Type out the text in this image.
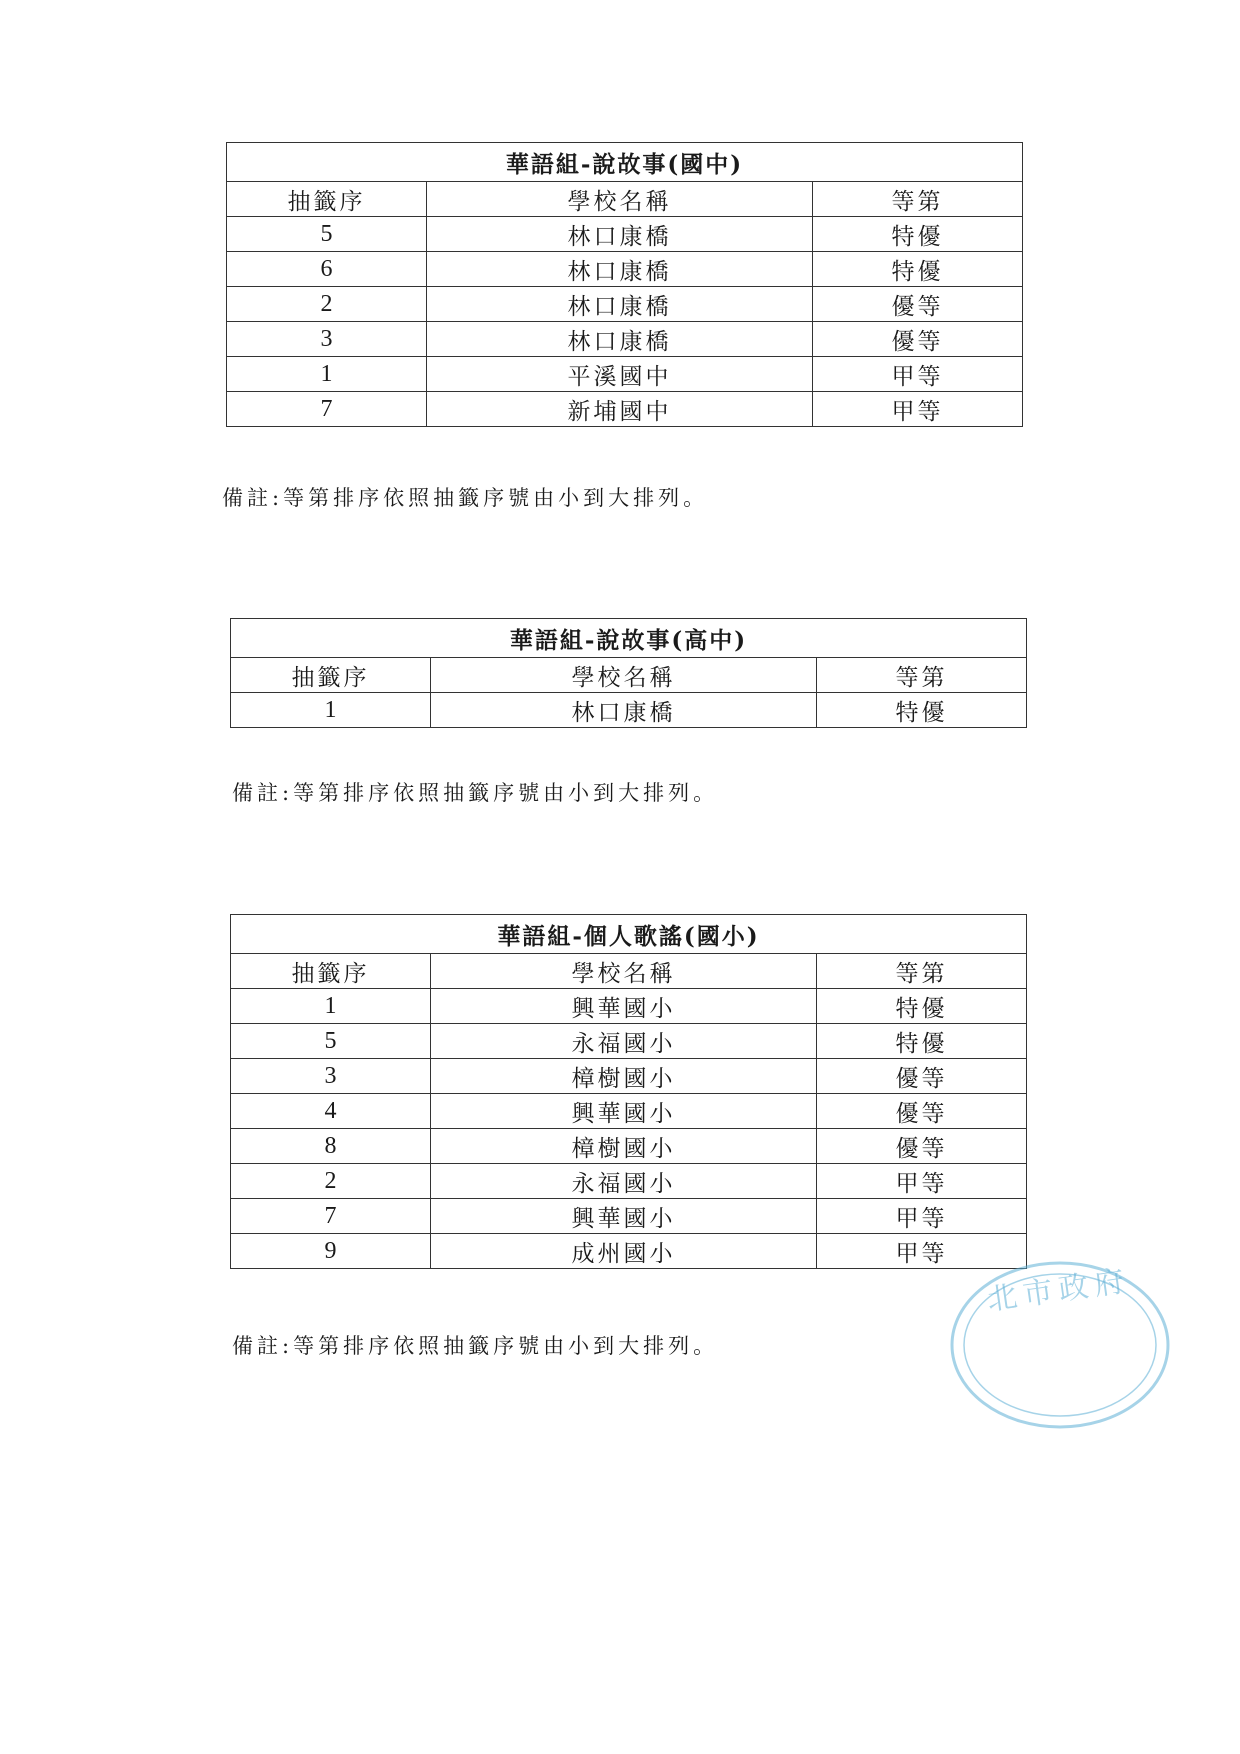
華語組-說故事(國中)		
抽籤序	學校名稱	等第
5	林口康橋	特優
6	林口康橋	特優
2	林口康橋	優等
3	林口康橋	優等
1	平溪國中	甲等
7	新埔國中	甲等
備註:等第排序依照抽籤序號由小到大排列。
華語組-說故事(高中)		
抽籤序	學校名稱	等第
1	林口康橋	特優
備註:等第排序依照抽籤序號由小到大排列。
華語組-個人歌謠(國小)		
抽籤序	學校名稱	等第
1	興華國小	特優
5	永福國小	特優
3	樟樹國小	優等
4	興華國小	優等
8	樟樹國小	優等
2	永福國小	甲等
7	興華國小	甲等
9	成州國小	甲等
備註:等第排序依照抽籤序號由小到大排列。
北市政府
